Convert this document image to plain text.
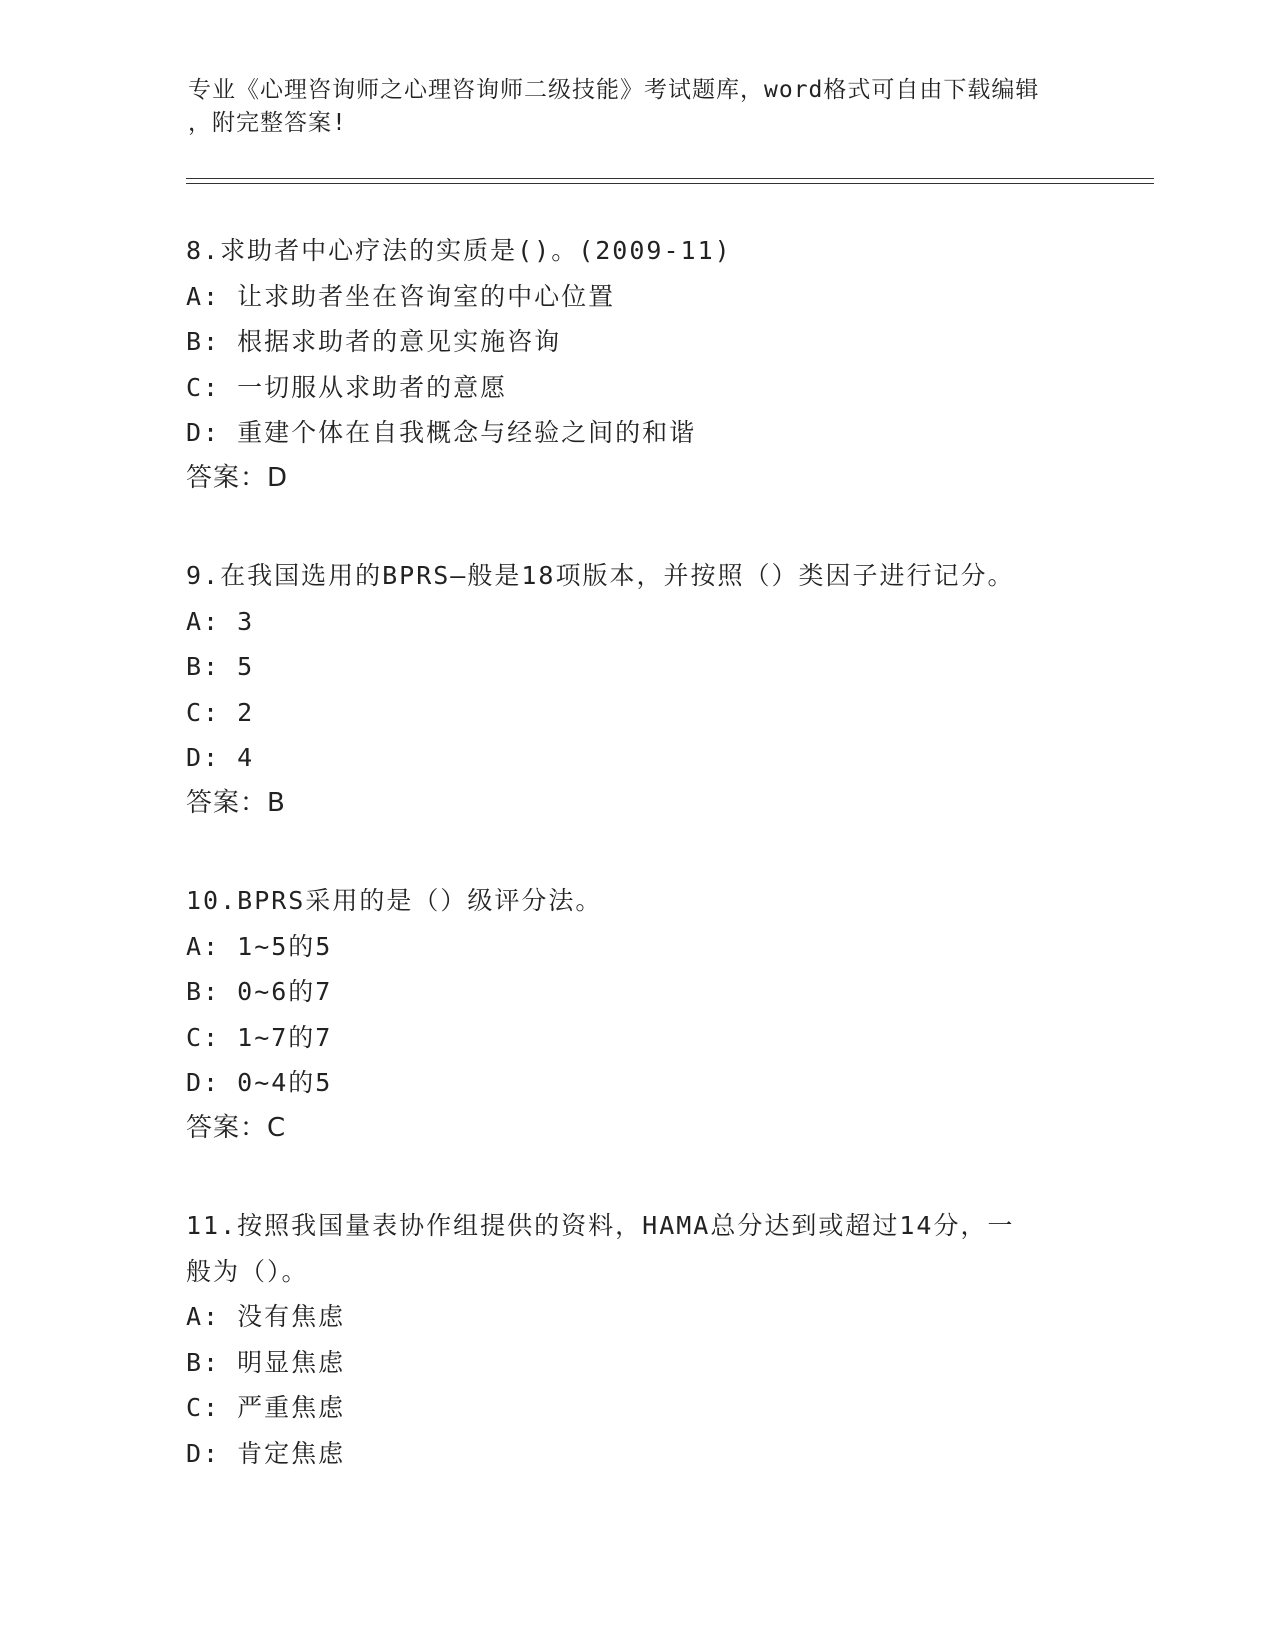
专业《心理咨询师之心理咨询师二级技能》考试题库，word格式可自由下载编辑
，附完整答案!
8.求助者中心疗法的实质是()。(2009-11)
A: 让求助者坐在咨询室的中心位置
B: 根据求助者的意见实施咨询
C: 一切服从求助者的意愿
D: 重建个体在自我概念与经验之间的和谐
答案：D
9.在我国选用的BPRS—般是18项版本，并按照（）类因子进行记分。
A: 3
B: 5
C: 2
D: 4
答案：B
10.BPRS采用的是（）级评分法。
A: 1~5的5
B: 0~6的7
C: 1~7的7
D: 0~4的5
答案：C
11.按照我国量表协作组提供的资料，HAMA总分达到或超过14分，一
般为（）。
A: 没有焦虑
B: 明显焦虑
C: 严重焦虑
D: 肯定焦虑
